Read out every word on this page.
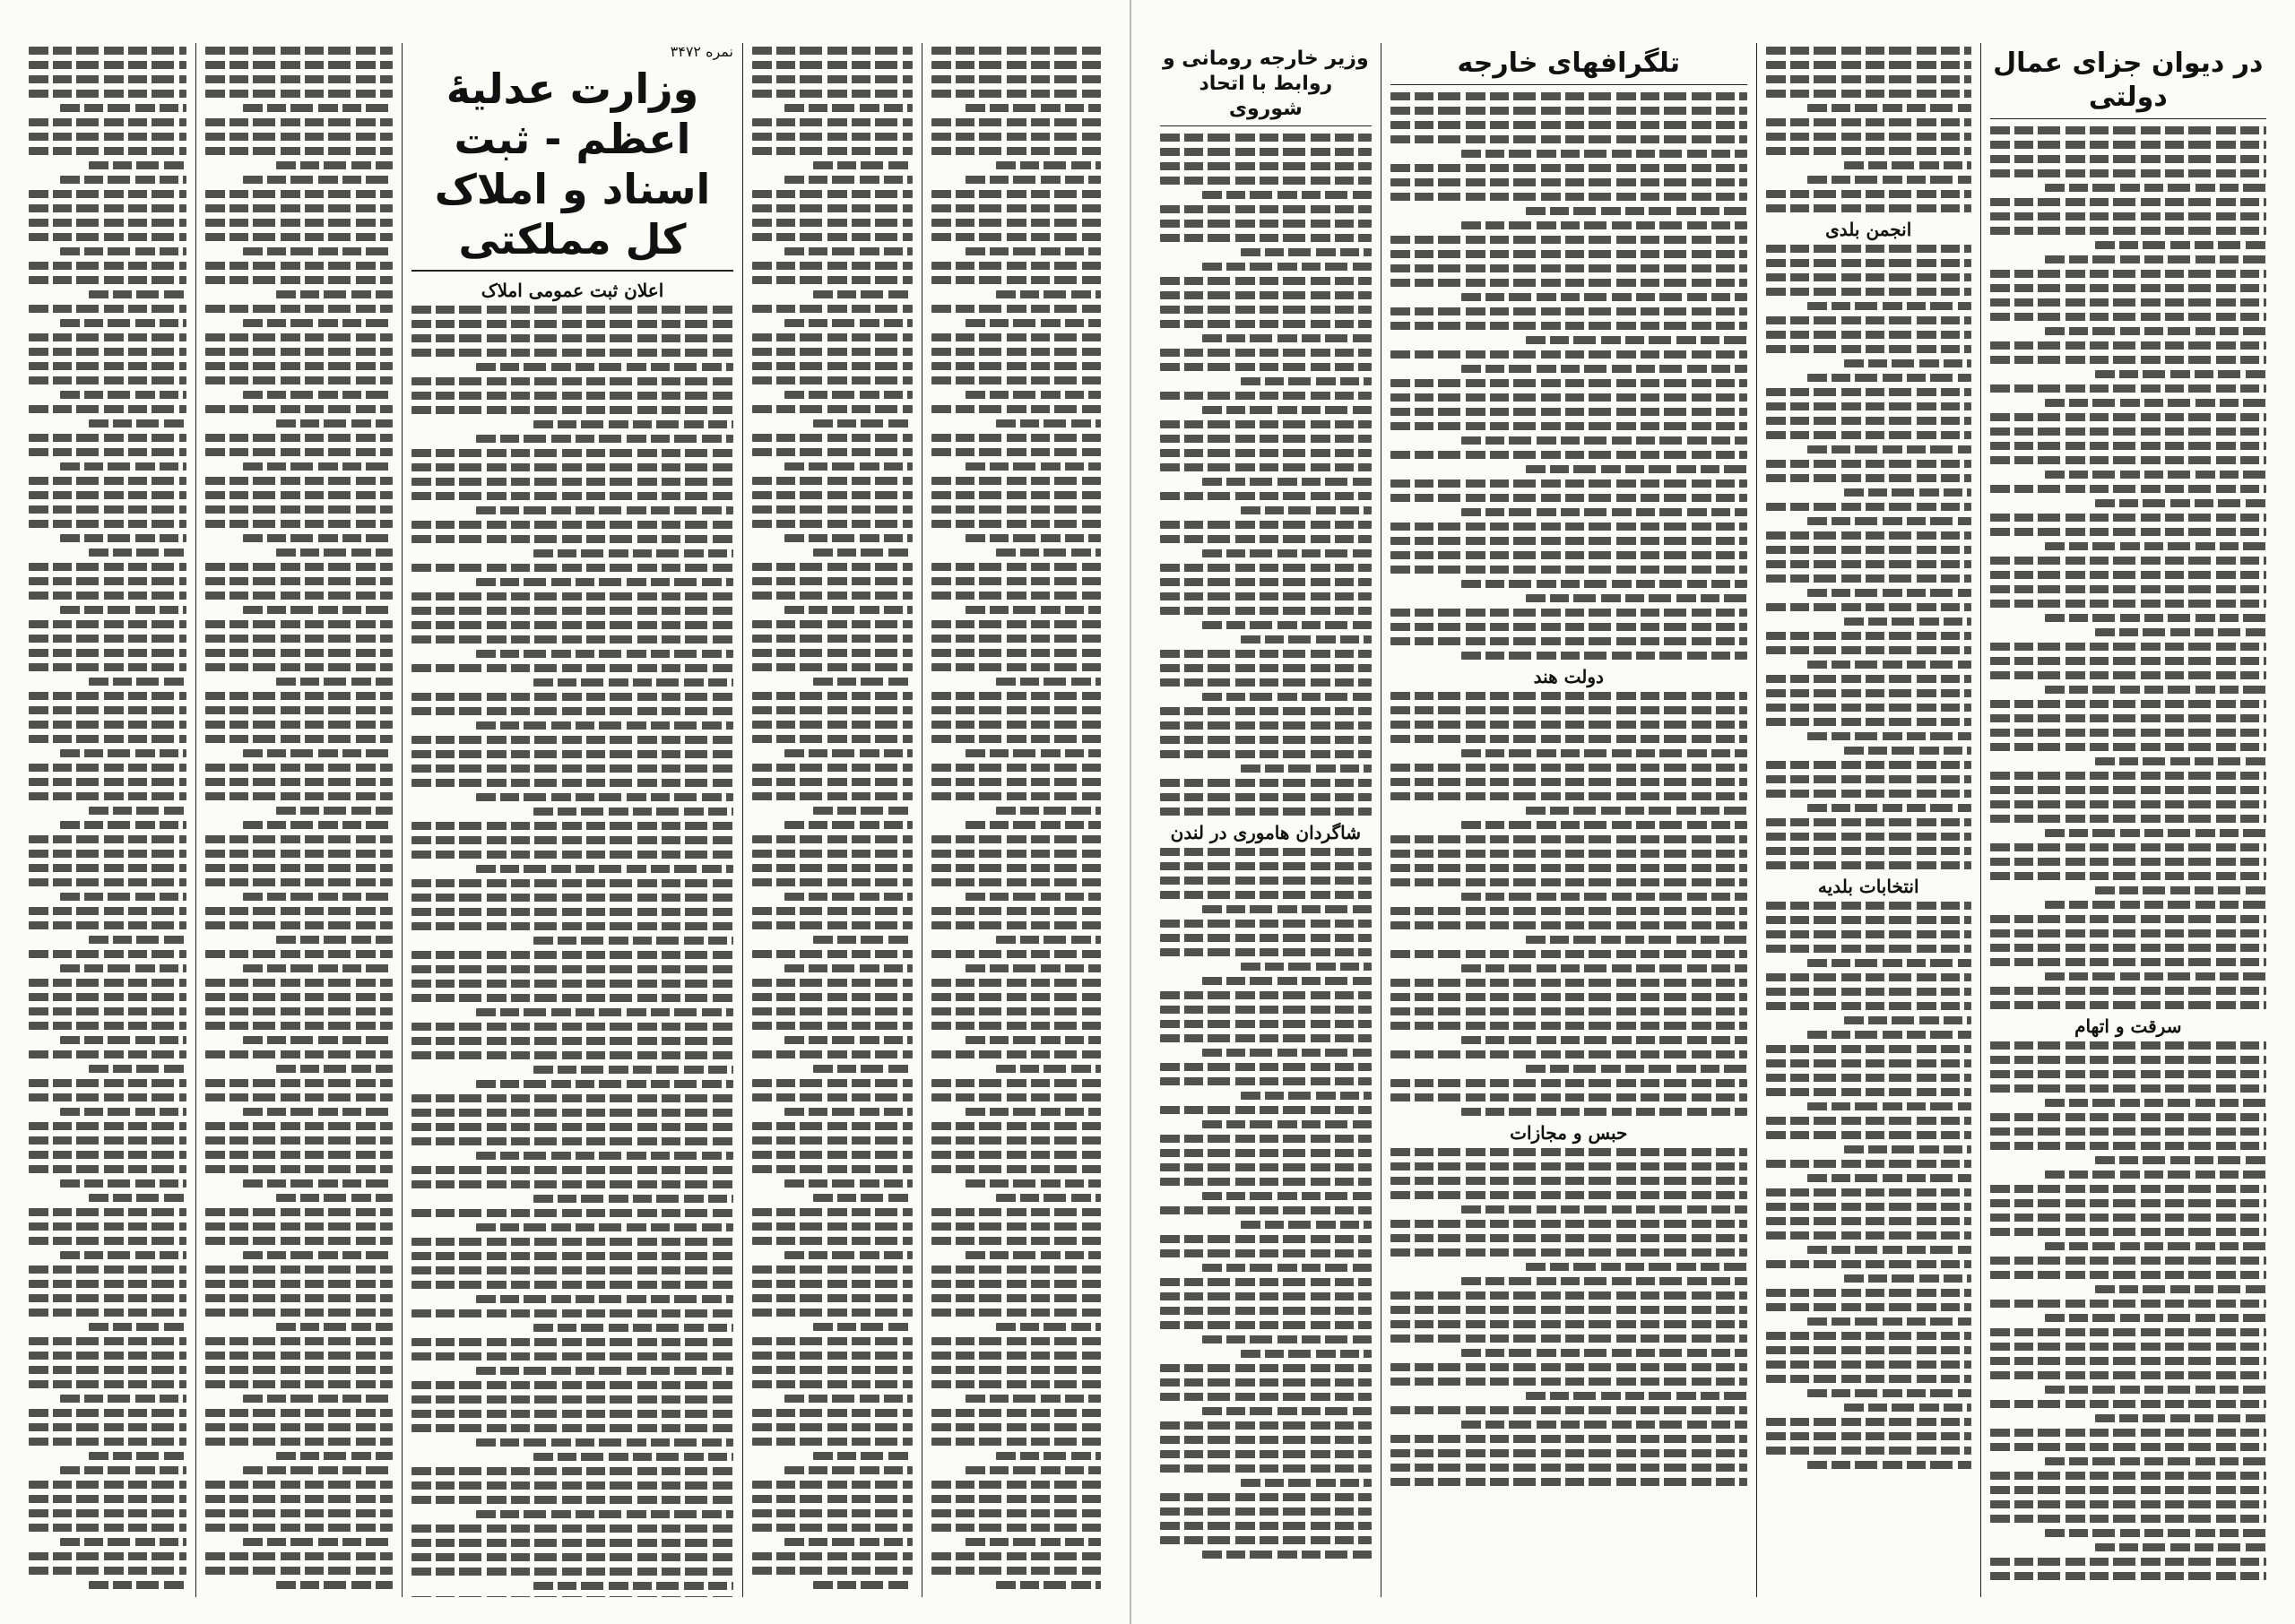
نمره ۳۴۷۲
وزارت عدلیهٔ اعظم - ثبت اسناد و املاک کل مملکتی
اعلان ثبت عمومی املاک
در دیوان جزای عمال دولتی
سرقت و اتهام
انجمن بلدی
انتخابات بلدیه
تلگرافهای خارجه
دولت هند
حبس و مجازات
وزیر خارجه رومانی و روابط با اتحاد شوروی
شاگردان هاموری در لندن
